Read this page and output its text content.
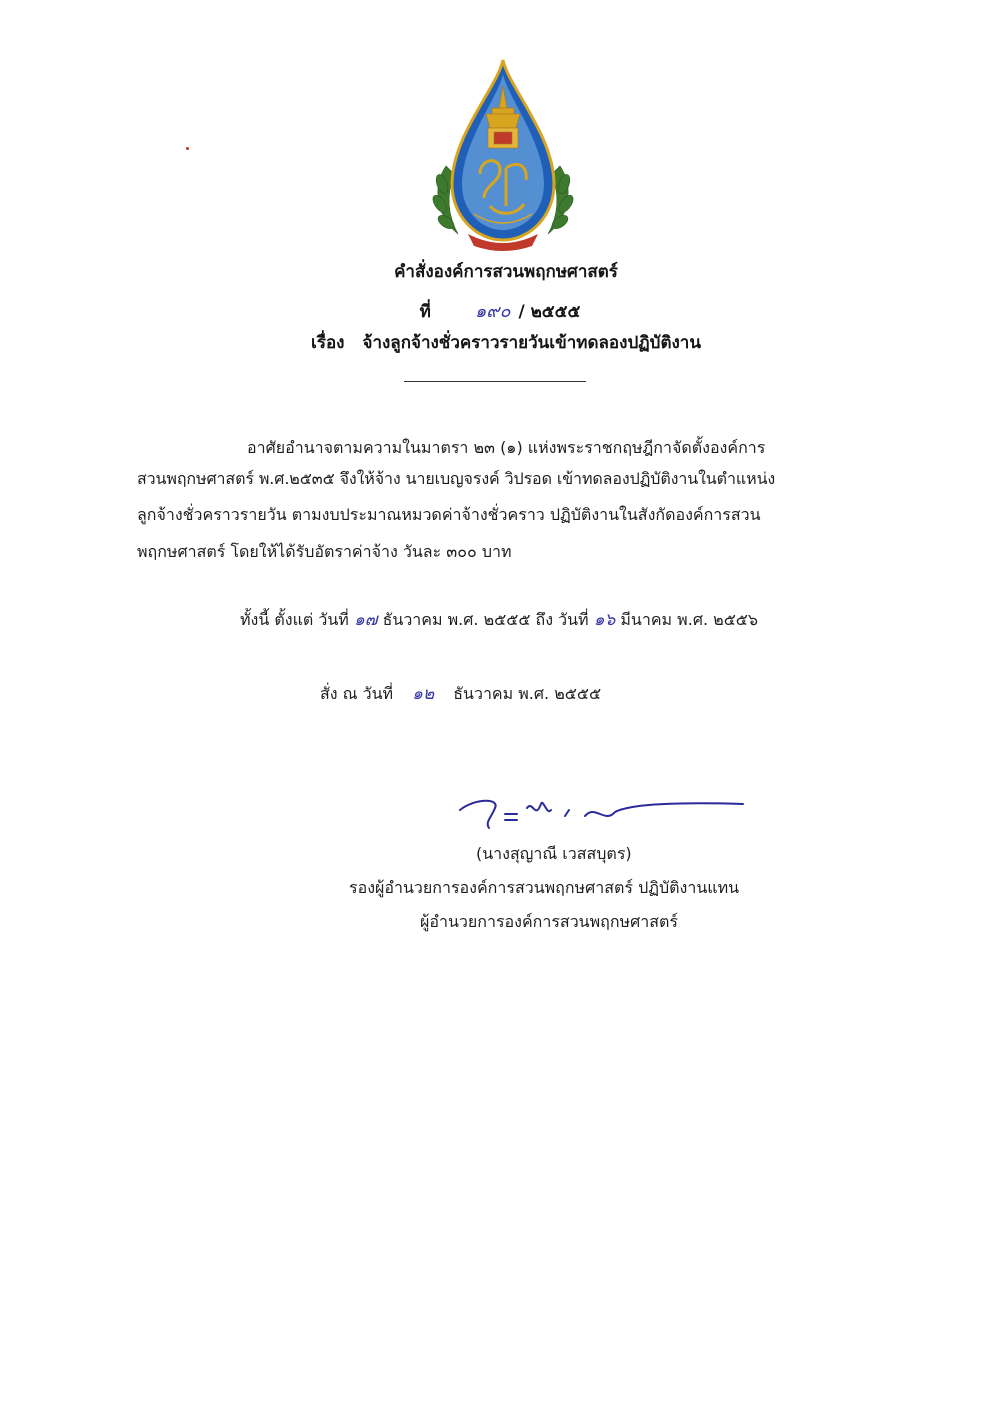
คำสั่งองค์การสวนพฤกษศาสตร์
ที่ ๑๙๐ / ๒๕๕๕
เรื่อง จ้างลูกจ้างชั่วคราวรายวันเข้าทดลองปฏิบัติงาน
อาศัยอำนาจตามความในมาตรา ๒๓ (๑) แห่งพระราชกฤษฎีกาจัดตั้งองค์การ
สวนพฤกษศาสตร์ พ.ศ.๒๕๓๕ จึงให้จ้าง นายเบญจรงค์ วิปรอด เข้าทดลองปฏิบัติงานในตำแหน่ง
ลูกจ้างชั่วคราวรายวัน ตามงบประมาณหมวดค่าจ้างชั่วคราว ปฏิบัติงานในสังกัดองค์การสวน
พฤกษศาสตร์ โดยให้ได้รับอัตราค่าจ้าง วันละ ๓๐๐ บาท
ทั้งนี้ ตั้งแต่ วันที่ ๑๗ ธันวาคม พ.ศ. ๒๕๕๕ ถึง วันที่ ๑๖ มีนาคม พ.ศ. ๒๕๕๖
สั่ง ณ วันที่ ๑๒ ธันวาคม พ.ศ. ๒๕๕๕
(นางสุญาณี เวสสบุตร)
รองผู้อำนวยการองค์การสวนพฤกษศาสตร์ ปฏิบัติงานแทน
ผู้อำนวยการองค์การสวนพฤกษศาสตร์
